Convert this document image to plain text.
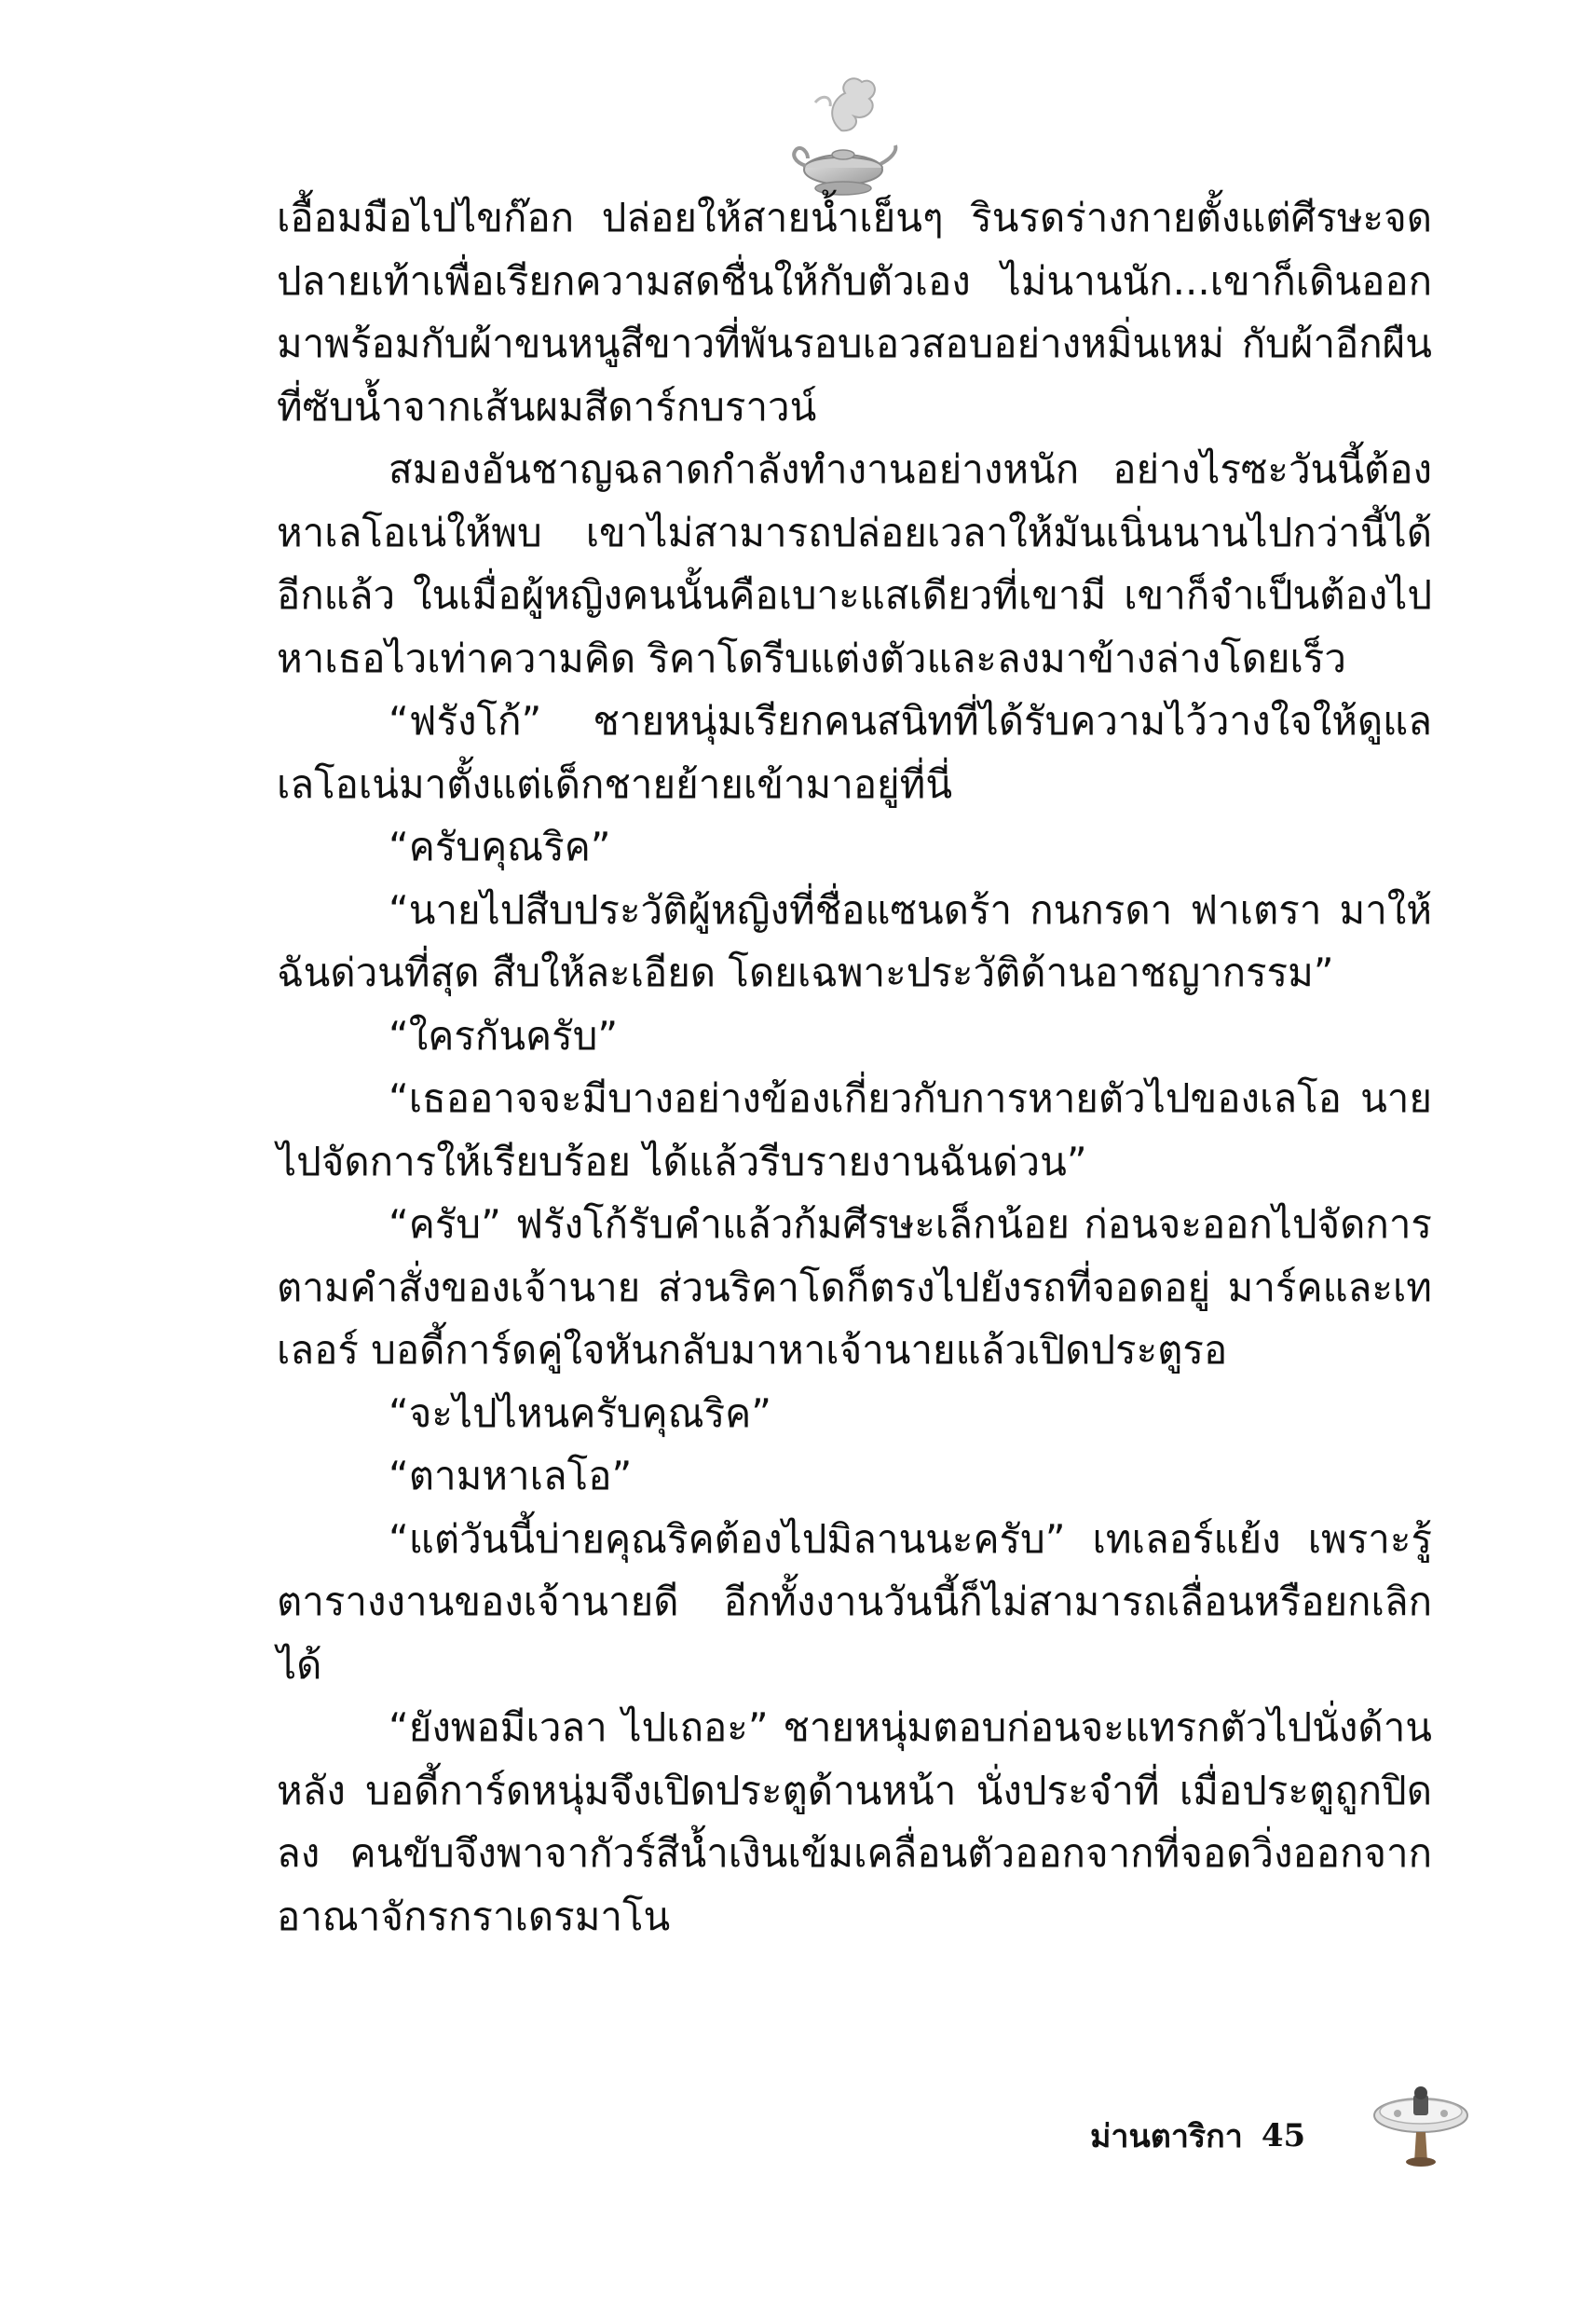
เอื้อมมือไปไขก๊อก ปล่อยให้สายน้ำเย็นๆ รินรดร่างกายตั้งแต่ศีรษะจดปลายเท้าเพื่อเรียกความสดชื่นให้กับตัวเอง ไม่นานนัก...เขาก็เดินออกมาพร้อมกับผ้าขนหนูสีขาวที่พันรอบเอวสอบอย่างหมิ่นเหม่ กับผ้าอีกผืนที่ซับน้ำจากเส้นผมสีดาร์กบราวน์

สมองอันชาญฉลาดกำลังทำงานอย่างหนัก อย่างไรซะวันนี้ต้องหาเลโอเน่ให้พบ เขาไม่สามารถปล่อยเวลาให้มันเนิ่นนานไปกว่านี้ได้อีกแล้ว ในเมื่อผู้หญิงคนนั้นคือเบาะแสเดียวที่เขามี เขาก็จำเป็นต้องไปหาเธอไวเท่าความคิด ริคาโดรีบแต่งตัวและลงมาข้างล่างโดยเร็ว

“ฟรังโก้” ชายหนุ่มเรียกคนสนิทที่ได้รับความไว้วางใจให้ดูแลเลโอเน่มาตั้งแต่เด็กชายย้ายเข้ามาอยู่ที่นี่

“ครับคุณริค”

“นายไปสืบประวัติผู้หญิงที่ชื่อแซนดร้า กนกรดา ฟาเตรา มาให้ฉันด่วนที่สุด สืบให้ละเอียด โดยเฉพาะประวัติด้านอาชญากรรม”

“ใครกันครับ”

“เธออาจจะมีบางอย่างข้องเกี่ยวกับการหายตัวไปของเลโอ นายไปจัดการให้เรียบร้อย ได้แล้วรีบรายงานฉันด่วน”

“ครับ” ฟรังโก้รับคำแล้วก้มศีรษะเล็กน้อย ก่อนจะออกไปจัดการตามคำสั่งของเจ้านาย ส่วนริคาโดก็ตรงไปยังรถที่จอดอยู่ มาร์คและเทเลอร์ บอดี้การ์ดคู่ใจหันกลับมาหาเจ้านายแล้วเปิดประตูรอ

“จะไปไหนครับคุณริค”

“ตามหาเลโอ”

“แต่วันนี้บ่ายคุณริคต้องไปมิลานนะครับ” เทเลอร์แย้ง เพราะรู้ตารางงานของเจ้านายดี อีกทั้งงานวันนี้ก็ไม่สามารถเลื่อนหรือยกเลิกได้

“ยังพอมีเวลา ไปเถอะ” ชายหนุ่มตอบก่อนจะแทรกตัวไปนั่งด้านหลัง บอดี้การ์ดหนุ่มจึงเปิดประตูด้านหน้า นั่งประจำที่ เมื่อประตูถูกปิดลง คนขับจึงพาจากัวร์สีน้ำเงินเข้มเคลื่อนตัวออกจากที่จอดวิ่งออกจากอาณาจักรกราเดรมาโน

ม่านตาริกา 45
